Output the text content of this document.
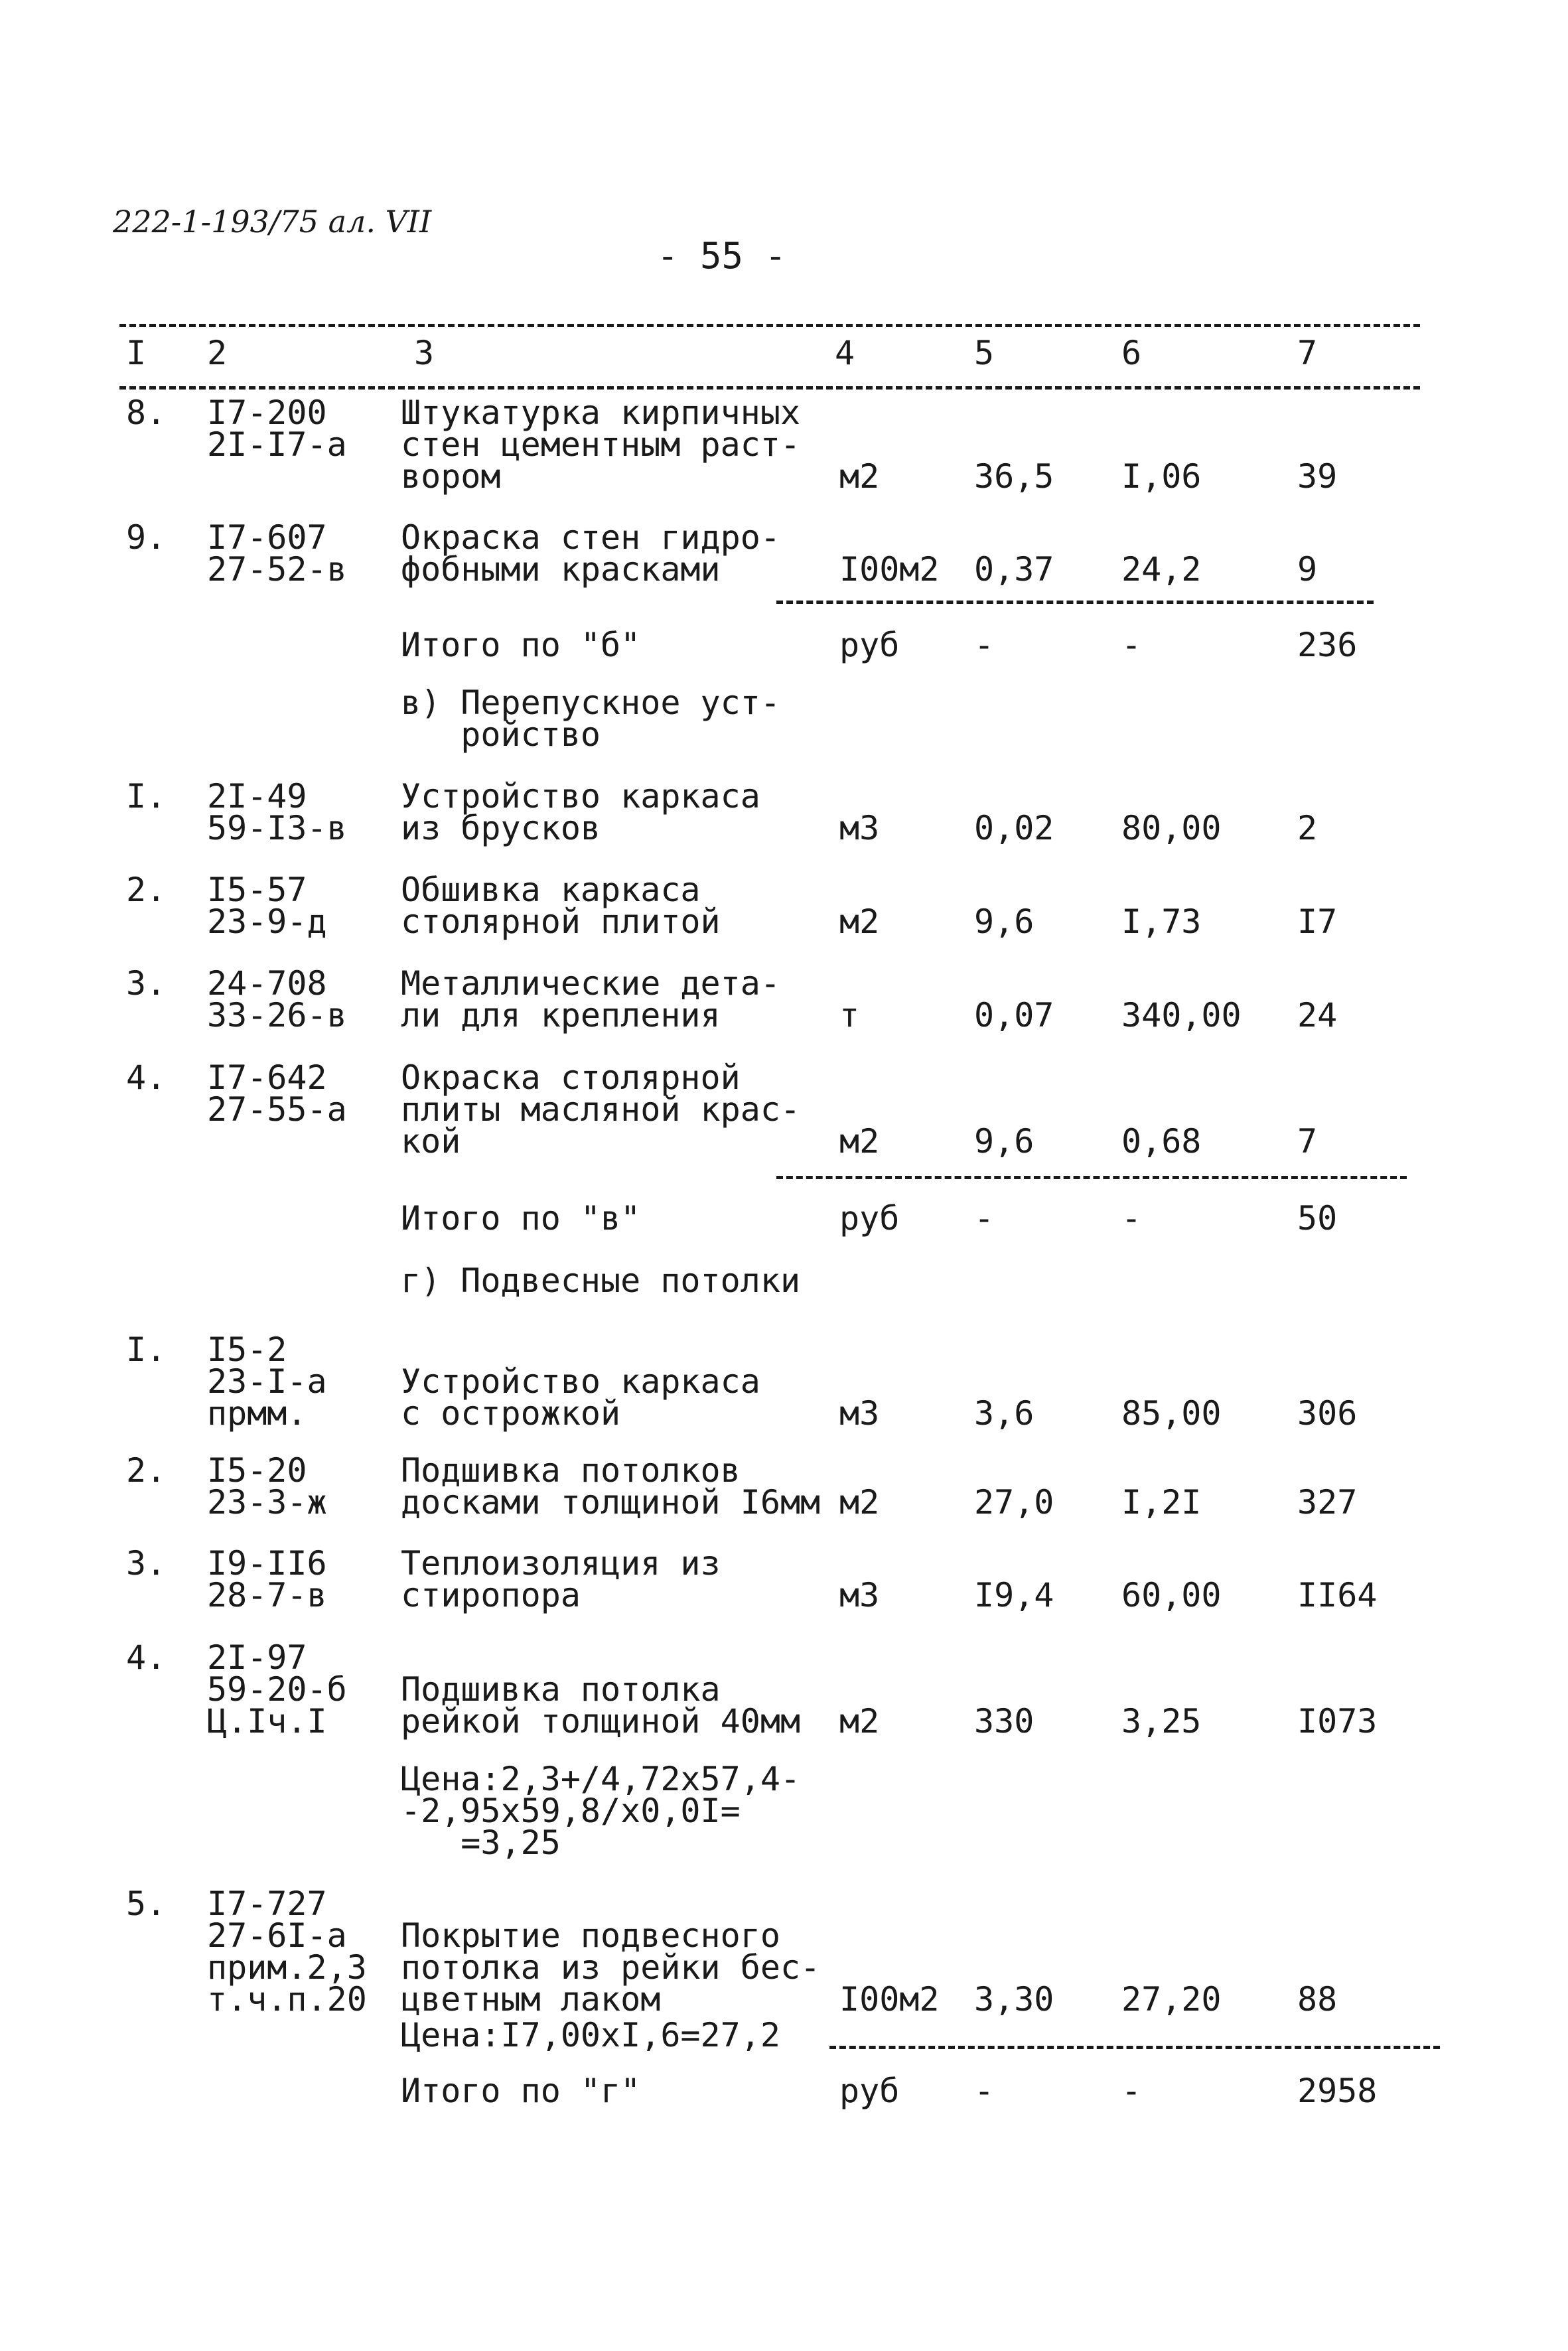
222-1-193/75 ал. VII
- 55 -
I 2	3	4	5	6	7
8. I7-200
2I-I7-а
Штукатурка кирпичных
стен цементным раст-
вором	м2	36,5 I,06	39
9. I7-607
27-52-в
Окраска стен гидро-
фобными красками	I00м2 0,37 24,2	9
Итого по "б"	руб -	-	236
в) Перепускное уст-
ройство
I. 2I-49
59-I3-в
Устройство каркаса
из брусков	м3	0,02 80,00 2
2. I5-57
23-9-д
Обшивка каркаса
столярной плитой	м2	9,6	I,73	I7
3. 24-708
33-26-в
Металлические дета-
ли для крепления	т	0,07 340,00 24
4. I7-642
27-55-а
Окраска столярной
плиты масляной крас-
кой	м2	9,6	0,68	7
Итого по "в"	руб -	-	50
г) Подвесные потолки
I. I5-2
23-I-а
прмм.
Устройство каркаса
с острожкой	м3	3,6	85,00 306
2. I5-20
23-3-ж
Подшивка потолков
досками толщиной I6мм м2	27,0 I,2I	327
3. I9-II6
28-7-в
Теплоизоляция из
стиропора	м3	I9,4 60,00 II64
4. 2I-97
59-20-б
Ц.Iч.I
Подшивка потолка
рейкой толщиной 40мм м2	330	3,25	I073
Цена:2,3+/4,72х57,4-
-2,95х59,8/х0,0I=
=3,25
5. I7-727
27-6I-а
прим.2,3
т.ч.п.20
Покрытие подвесного
потолка из рейки бес-
цветным лаком	I00м2 3,30 27,20 88
Цена:I7,00хI,6=27,2
Итого по "г"	руб -	-	2958
